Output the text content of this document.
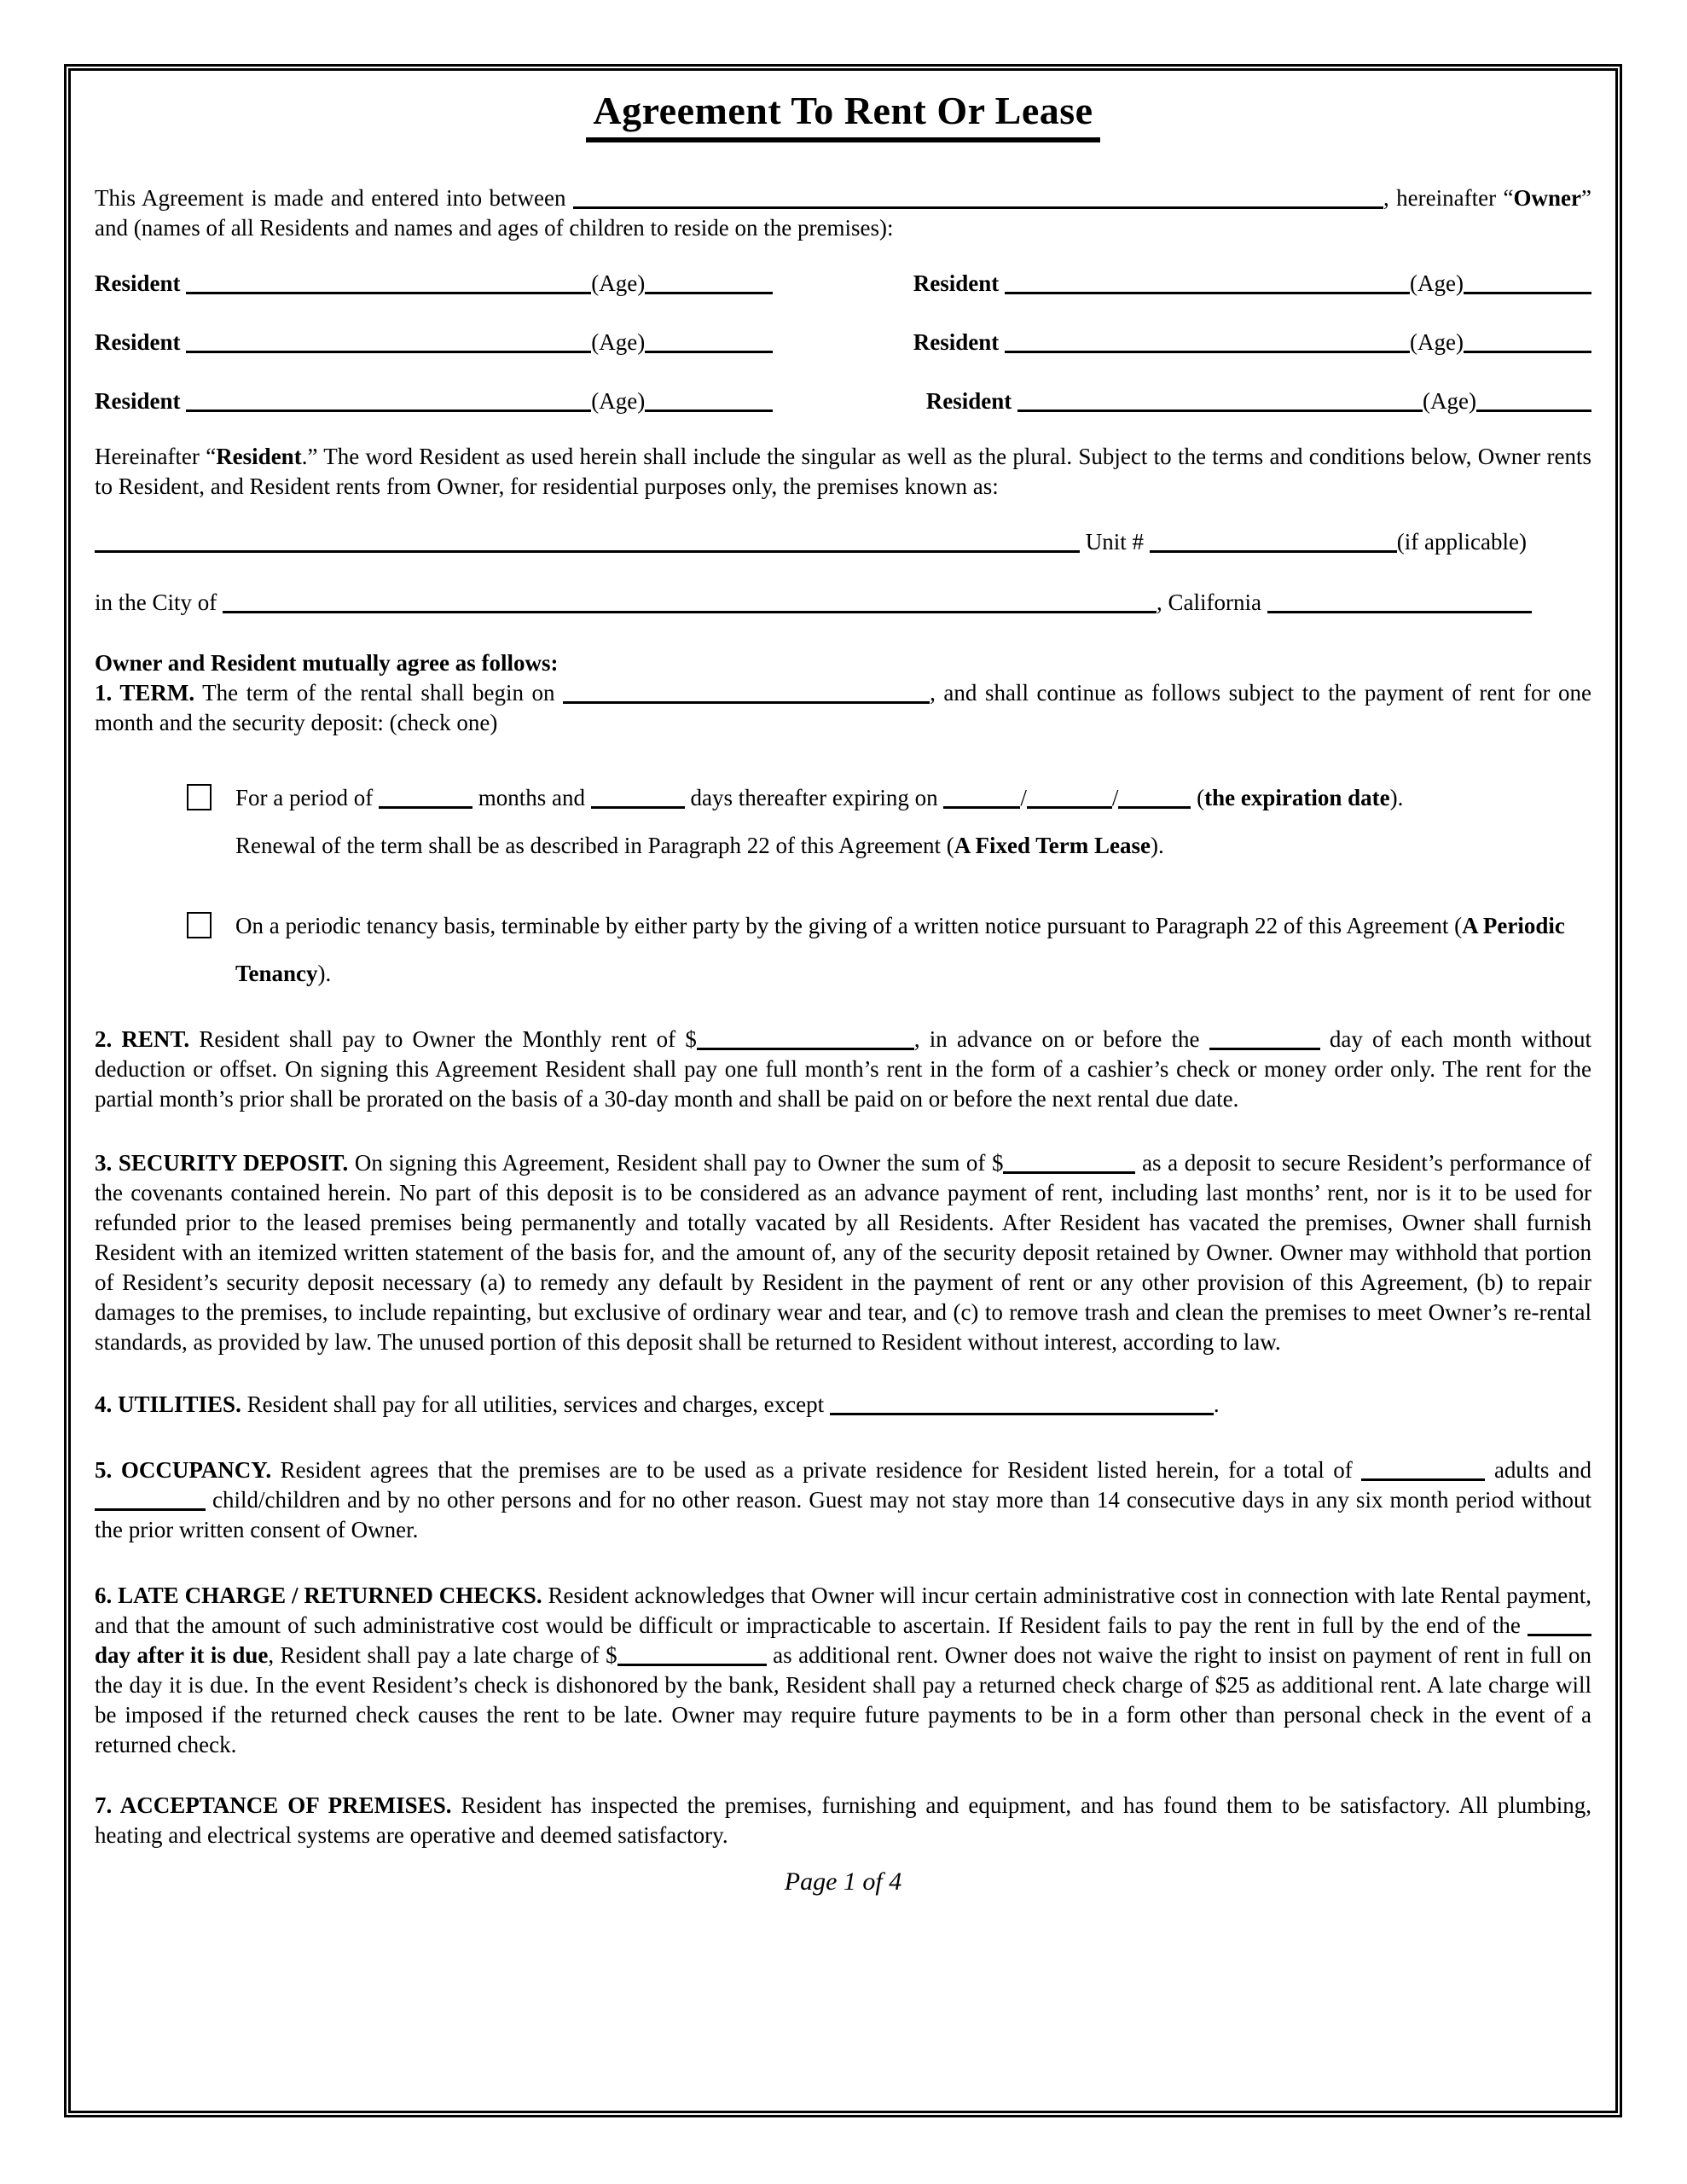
Agreement To Rent Or Lease

This Agreement is made and entered into between	, hereinafter “Owner” and (names of all Residents and names and ages of children to reside on the premises):

Resident	(Age)	Resident	(Age)
Resident	(Age)	Resident	(Age)
Resident	(Age)	Resident	(Age)

Hereinafter “Resident.” The word Resident as used herein shall include the singular as well as the plural. Subject to the terms and conditions below, Owner rents to Resident, and Resident rents from Owner, for residential purposes only, the premises known as:

Unit #	(if applicable)

in the City of	, California

Owner and Resident mutually agree as follows:

1. TERM. The term of the rental shall begin on	, and shall continue as follows subject to the payment of rent for one month and the security deposit: (check one)

For a period of	months and	days thereafter expiring on	/	/	(the expiration date).
Renewal of the term shall be as described in Paragraph 22 of this Agreement (A Fixed Term Lease).
On a periodic tenancy basis, terminable by either party by the giving of a written notice pursuant to Paragraph 22 of this Agreement (A Periodic Tenancy).

2. RENT. Resident shall pay to Owner the Monthly rent of $	, in advance on or before the	day of each month without deduction or offset. On signing this Agreement Resident shall pay one full month’s rent in the form of a cashier’s check or money order only. The rent for the partial month’s prior shall be prorated on the basis of a 30-day month and shall be paid on or before the next rental due date.

3. SECURITY DEPOSIT. On signing this Agreement, Resident shall pay to Owner the sum of $	as a deposit to secure Resident’s performance of the covenants contained herein. No part of this deposit is to be considered as an advance payment of rent, including last months’ rent, nor is it to be used for refunded prior to the leased premises being permanently and totally vacated by all Residents. After Resident has vacated the premises, Owner shall furnish Resident with an itemized written statement of the basis for, and the amount of, any of the security deposit retained by Owner. Owner may withhold that portion of Resident’s security deposit necessary (a) to remedy any default by Resident in the payment of rent or any other provision of this Agreement, (b) to repair damages to the premises, to include repainting, but exclusive of ordinary wear and tear, and (c) to remove trash and clean the premises to meet Owner’s re-rental standards, as provided by law. The unused portion of this deposit shall be returned to Resident without interest, according to law.

4. UTILITIES. Resident shall pay for all utilities, services and charges, except	.

5. OCCUPANCY. Resident agrees that the premises are to be used as a private residence for Resident listed herein, for a total of	adults and  child/children and by no other persons and for no other reason. Guest may not stay more than 14 consecutive days in any six month period without the prior written consent of Owner.

6. LATE CHARGE / RETURNED CHECKS. Resident acknowledges that Owner will incur certain administrative cost in connection with late Rental payment, and that the amount of such administrative cost would be difficult or impracticable to ascertain. If Resident fails to pay the rent in full by the end of the  day after it is due, Resident shall pay a late charge of $	as additional rent. Owner does not waive the right to insist on payment of rent in full on the day it is due. In the event Resident’s check is dishonored by the bank, Resident shall pay a returned check charge of $25 as additional rent. A late charge will be imposed if the returned check causes the rent to be late. Owner may require future payments to be in a form other than personal check in the event of a returned check.

7. ACCEPTANCE OF PREMISES. Resident has inspected the premises, furnishing and equipment, and has found them to be satisfactory. All plumbing, heating and electrical systems are operative and deemed satisfactory.

Page 1 of 4
